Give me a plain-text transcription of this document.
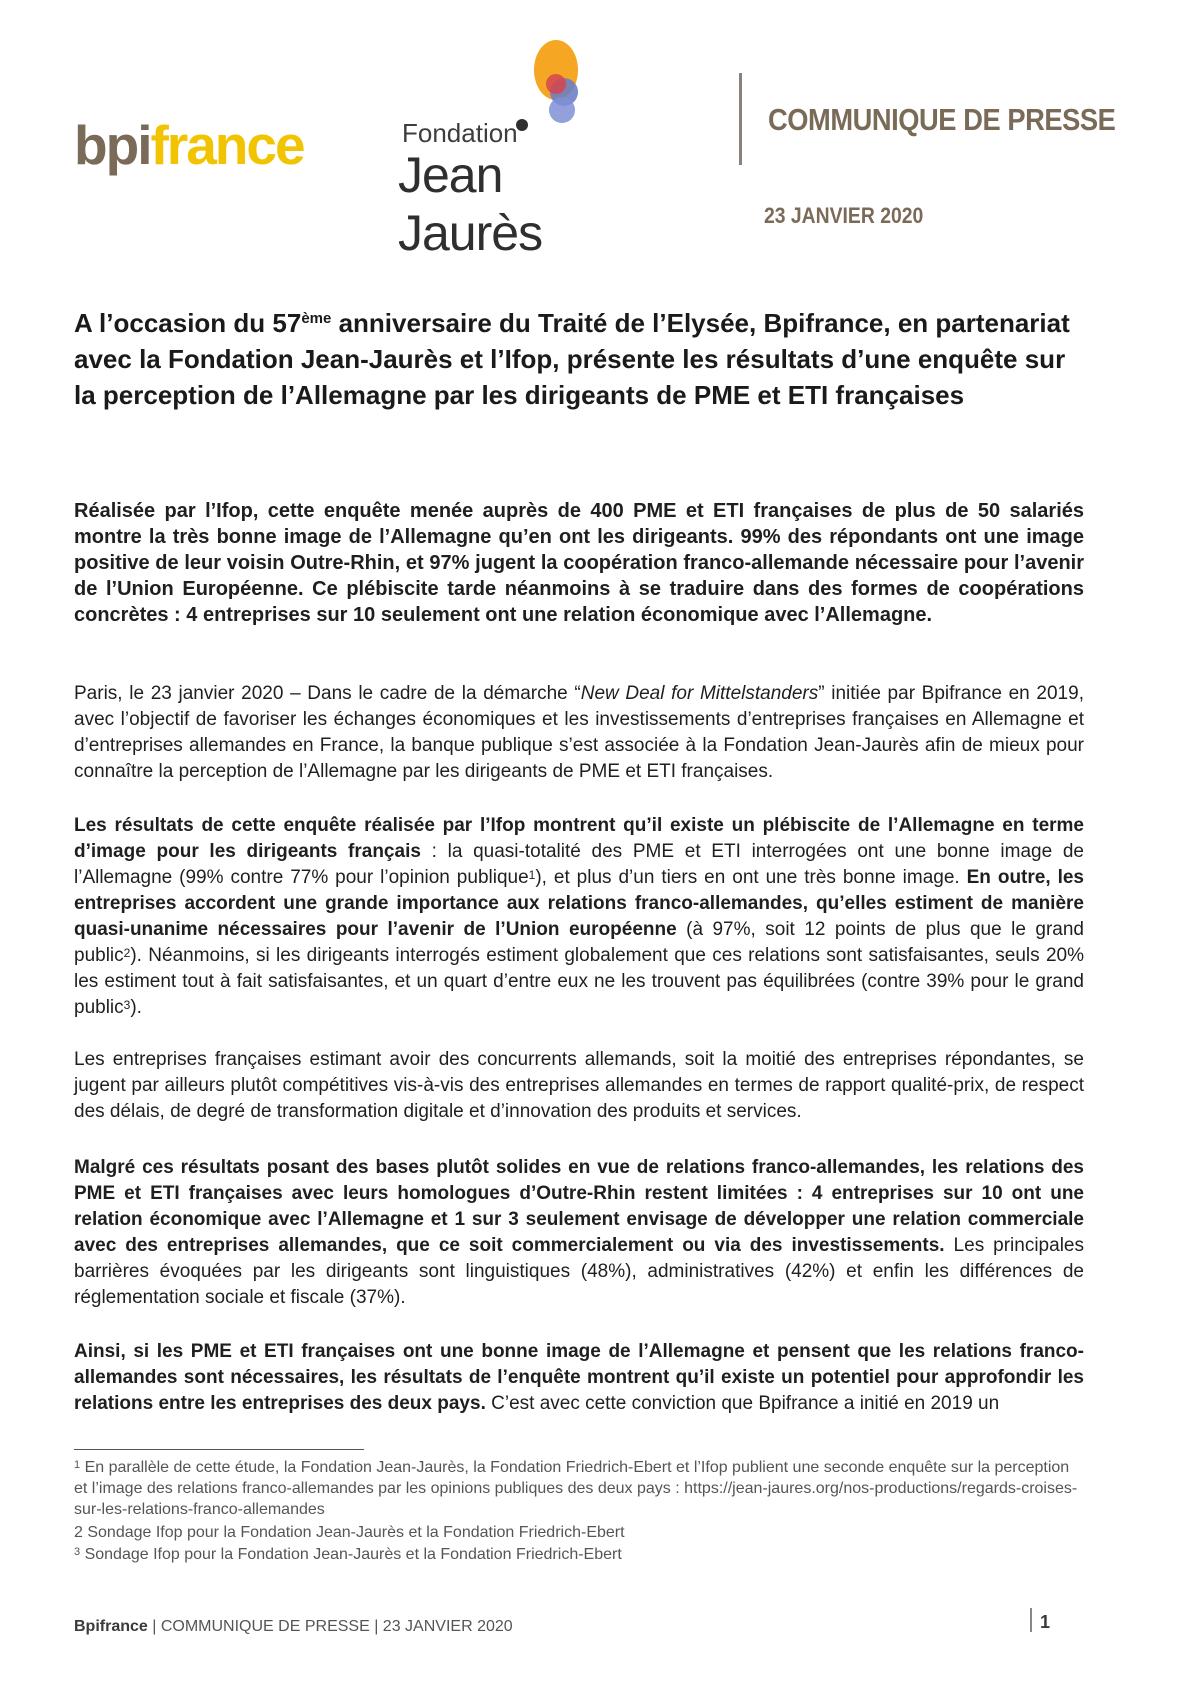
bpifrance	Fondation
Jean Jaurès
COMMUNIQUE DE PRESSE
23 JANVIER 2020
A l’occasion du 57ème anniversaire du Traité de l’Elysée, Bpifrance, en partenariat avec la Fondation Jean-Jaurès et l’Ifop, présente les résultats d’une enquête sur la perception de l’Allemagne par les dirigeants de PME et ETI françaises
Réalisée par l’Ifop, cette enquête menée auprès de 400 PME et ETI françaises de plus de 50 salariés montre la très bonne image de l’Allemagne qu’en ont les dirigeants. 99% des répondants ont une image positive de leur voisin Outre-Rhin, et 97% jugent la coopération franco-allemande nécessaire pour l’avenir de l’Union Européenne. Ce plébiscite tarde néanmoins à se traduire dans des formes de coopérations concrètes : 4 entreprises sur 10 seulement ont une relation économique avec l’Allemagne.
Paris, le 23 janvier 2020 – Dans le cadre de la démarche “New Deal for Mittelstanders” initiée par Bpifrance en 2019, avec l’objectif de favoriser les échanges économiques et les investissements d’entreprises françaises en Allemagne et d’entreprises allemandes en France, la banque publique s’est associée à la Fondation Jean-Jaurès afin de mieux pour connaître la perception de l’Allemagne par les dirigeants de PME et ETI françaises.
Les résultats de cette enquête réalisée par l’Ifop montrent qu’il existe un plébiscite de l’Allemagne en terme d’image pour les dirigeants français : la quasi-totalité des PME et ETI interrogées ont une bonne image de l’Allemagne (99% contre 77% pour l’opinion publique$^1$), et plus d’un tiers en ont une très bonne image. En outre, les entreprises accordent une grande importance aux relations franco-allemandes, qu’elles estiment de manière quasi-unanime nécessaires pour l’avenir de l’Union européenne (à 97%, soit 12 points de plus que le grand public$^2$). Néanmoins, si les dirigeants interrogés estiment globalement que ces relations sont satisfaisantes, seuls 20% les estiment tout à fait satisfaisantes, et un quart d’entre eux ne les trouvent pas équilibrées (contre 39% pour le grand public$^3$).
Les entreprises françaises estimant avoir des concurrents allemands, soit la moitié des entreprises répondantes, se jugent par ailleurs plutôt compétitives vis-à-vis des entreprises allemandes en termes de rapport qualité-prix, de respect des délais, de degré de transformation digitale et d’innovation des produits et services.
Malgré ces résultats posant des bases plutôt solides en vue de relations franco-allemandes, les relations des PME et ETI françaises avec leurs homologues d’Outre-Rhin restent limitées : 4 entreprises sur 10 ont une relation économique avec l’Allemagne et 1 sur 3 seulement envisage de développer une relation commerciale avec des entreprises allemandes, que ce soit commercialement ou via des investissements. Les principales barrières évoquées par les dirigeants sont linguistiques (48%), administratives (42%) et enfin les différences de réglementation sociale et fiscale (37%).
Ainsi, si les PME et ETI françaises ont une bonne image de l’Allemagne et pensent que les relations franco-allemandes sont nécessaires, les résultats de l’enquête montrent qu’il existe un potentiel pour approfondir les relations entre les entreprises des deux pays. C’est avec cette conviction que Bpifrance a initié en 2019 un
$^1$ En parallèle de cette étude, la Fondation Jean-Jaurès, la Fondation Friedrich-Ebert et l’Ifop publient une seconde enquête sur la perception et l’image des relations franco-allemandes par les opinions publiques des deux pays : https://jean-jaures.org/nos-productions/regards-croises-sur-les-relations-franco-allemandes
2 Sondage Ifop pour la Fondation Jean-Jaurès et la Fondation Friedrich-Ebert
$^3$ Sondage Ifop pour la Fondation Jean-Jaurès et la Fondation Friedrich-Ebert
Bpifrance | COMMUNIQUE DE PRESSE | 23 JANVIER 2020	1
